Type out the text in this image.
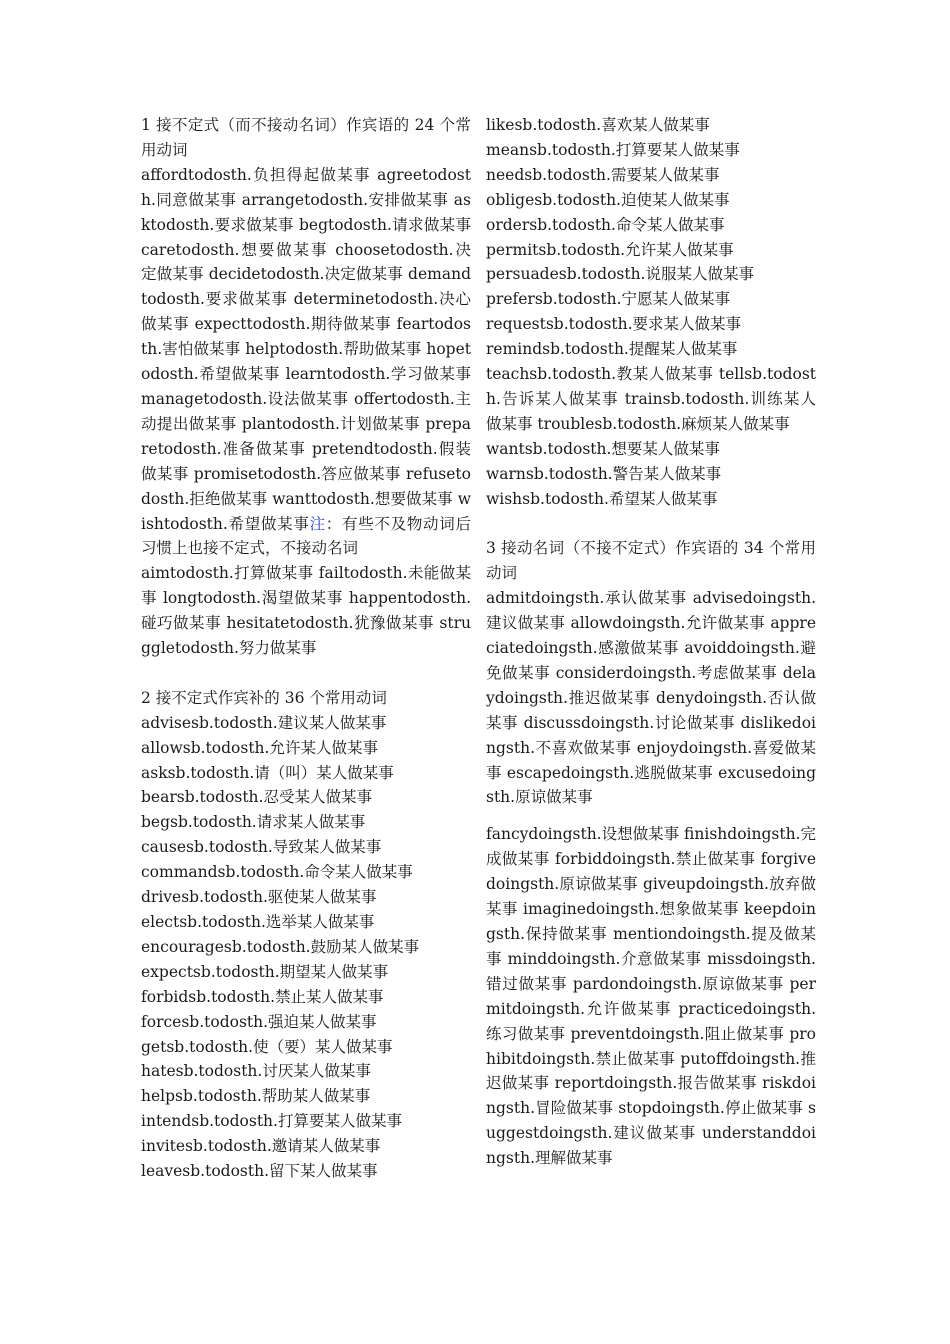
1 接不定式（而不接动名词）作宾语的 24 个常用动词

affordtodosth.负担得起做某事 agreetodosth.同意做某事 arrangetodosth.安排做某事 asktodosth.要求做某事 begtodosth.请求做某事 caretodosth.想要做某事 choosetodosth.决定做某事 decidetodosth.决定做某事 demandtodosth.要求做某事 determinetodosth.决心做某事 expecttodosth.期待做某事 feartodosth.害怕做某事 helptodosth.帮助做某事 hopetodosth.希望做某事 learntodosth.学习做某事 managetodosth.设法做某事 offertodosth.主动提出做某事 plantodosth.计划做某事 preparetodosth.准备做某事 pretendtodosth.假装做某事 promisetodosth.答应做某事 refusetodosth.拒绝做某事 wanttodosth.想要做某事 wishtodosth.希望做某事注：有些不及物动词后习惯上也接不定式，不接动名词

aimtodosth.打算做某事 failtodosth.未能做某事 longtodosth.渴望做某事 happentodosth.碰巧做某事 hesitatetodosth.犹豫做某事 struggletodosth.努力做某事

2 接不定式作宾补的 36 个常用动词

advisesb.todosth.建议某人做某事

allowsb.todosth.允许某人做某事

asksb.todosth.请（叫）某人做某事

bearsb.todosth.忍受某人做某事

begsb.todosth.请求某人做某事

causesb.todosth.导致某人做某事

commandsb.todosth.命令某人做某事

drivesb.todosth.驱使某人做某事

electsb.todosth.选举某人做某事

encouragesb.todosth.鼓励某人做某事

expectsb.todosth.期望某人做某事

forbidsb.todosth.禁止某人做某事

forcesb.todosth.强迫某人做某事

getsb.todosth.使（要）某人做某事

hatesb.todosth.讨厌某人做某事

helpsb.todosth.帮助某人做某事

intendsb.todosth.打算要某人做某事

invitesb.todosth.邀请某人做某事

leavesb.todosth.留下某人做某事

likesb.todosth.喜欢某人做某事

meansb.todosth.打算要某人做某事

needsb.todosth.需要某人做某事

obligesb.todosth.迫使某人做某事

ordersb.todosth.命令某人做某事

permitsb.todosth.允许某人做某事

persuadesb.todosth.说服某人做某事

prefersb.todosth.宁愿某人做某事

requestsb.todosth.要求某人做某事

remindsb.todosth.提醒某人做某事

teachsb.todosth.教某人做某事 tellsb.todosth.告诉某人做某事 trainsb.todosth.训练某人做某事 troublesb.todosth.麻烦某人做某事

wantsb.todosth.想要某人做某事

warnsb.todosth.警告某人做某事

wishsb.todosth.希望某人做某事

3 接动名词（不接不定式）作宾语的 34 个常用动词

admitdoingsth.承认做某事 advisedoingsth.建议做某事 allowdoingsth.允许做某事 appreciatedoingsth.感激做某事 avoiddoingsth.避免做某事 considerdoingsth.考虑做某事 delaydoingsth.推迟做某事 denydoingsth.否认做某事 discussdoingsth.讨论做某事 dislikedoingsth.不喜欢做某事 enjoydoingsth.喜爱做某事 escapedoingsth.逃脱做某事 excusedoingsth.原谅做某事

fancydoingsth.设想做某事 finishdoingsth.完成做某事 forbiddoingsth.禁止做某事 forgivedoingsth.原谅做某事 giveupdoingsth.放弃做某事 imaginedoingsth.想象做某事 keepdoingsth.保持做某事 mentiondoingsth.提及做某事 minddoingsth.介意做某事 missdoingsth.错过做某事 pardondoingsth.原谅做某事 permitdoingsth.允许做某事 practicedoingsth.练习做某事 preventdoingsth.阻止做某事 prohibitdoingsth.禁止做某事 putoffdoingsth.推迟做某事 reportdoingsth.报告做某事 riskdoingsth.冒险做某事 stopdoingsth.停止做某事 suggestdoingsth.建议做某事 understanddoingsth.理解做某事
